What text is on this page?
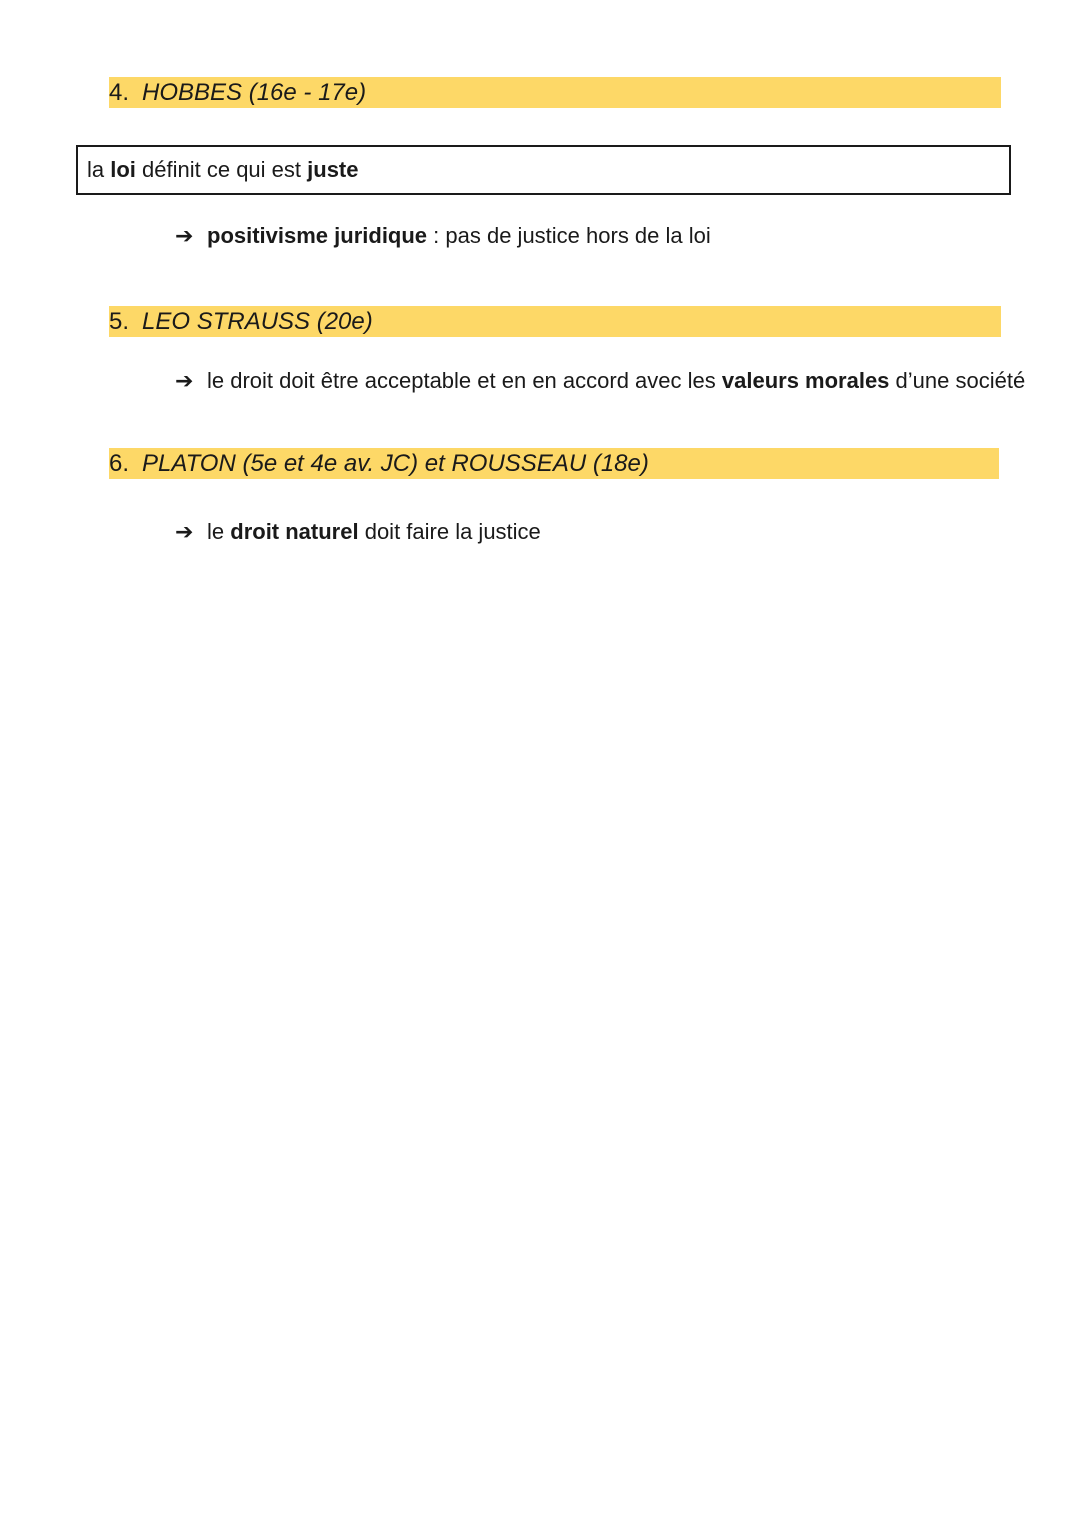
4. HOBBES (16e - 17e)
la loi définit ce qui est juste
➔ positivisme juridique : pas de justice hors de la loi
5. LEO STRAUSS (20e)
➔ le droit doit être acceptable et en en accord avec les valeurs morales d’une société
6. PLATON (5e et 4e av. JC) et ROUSSEAU (18e)
➔ le droit naturel doit faire la justice
